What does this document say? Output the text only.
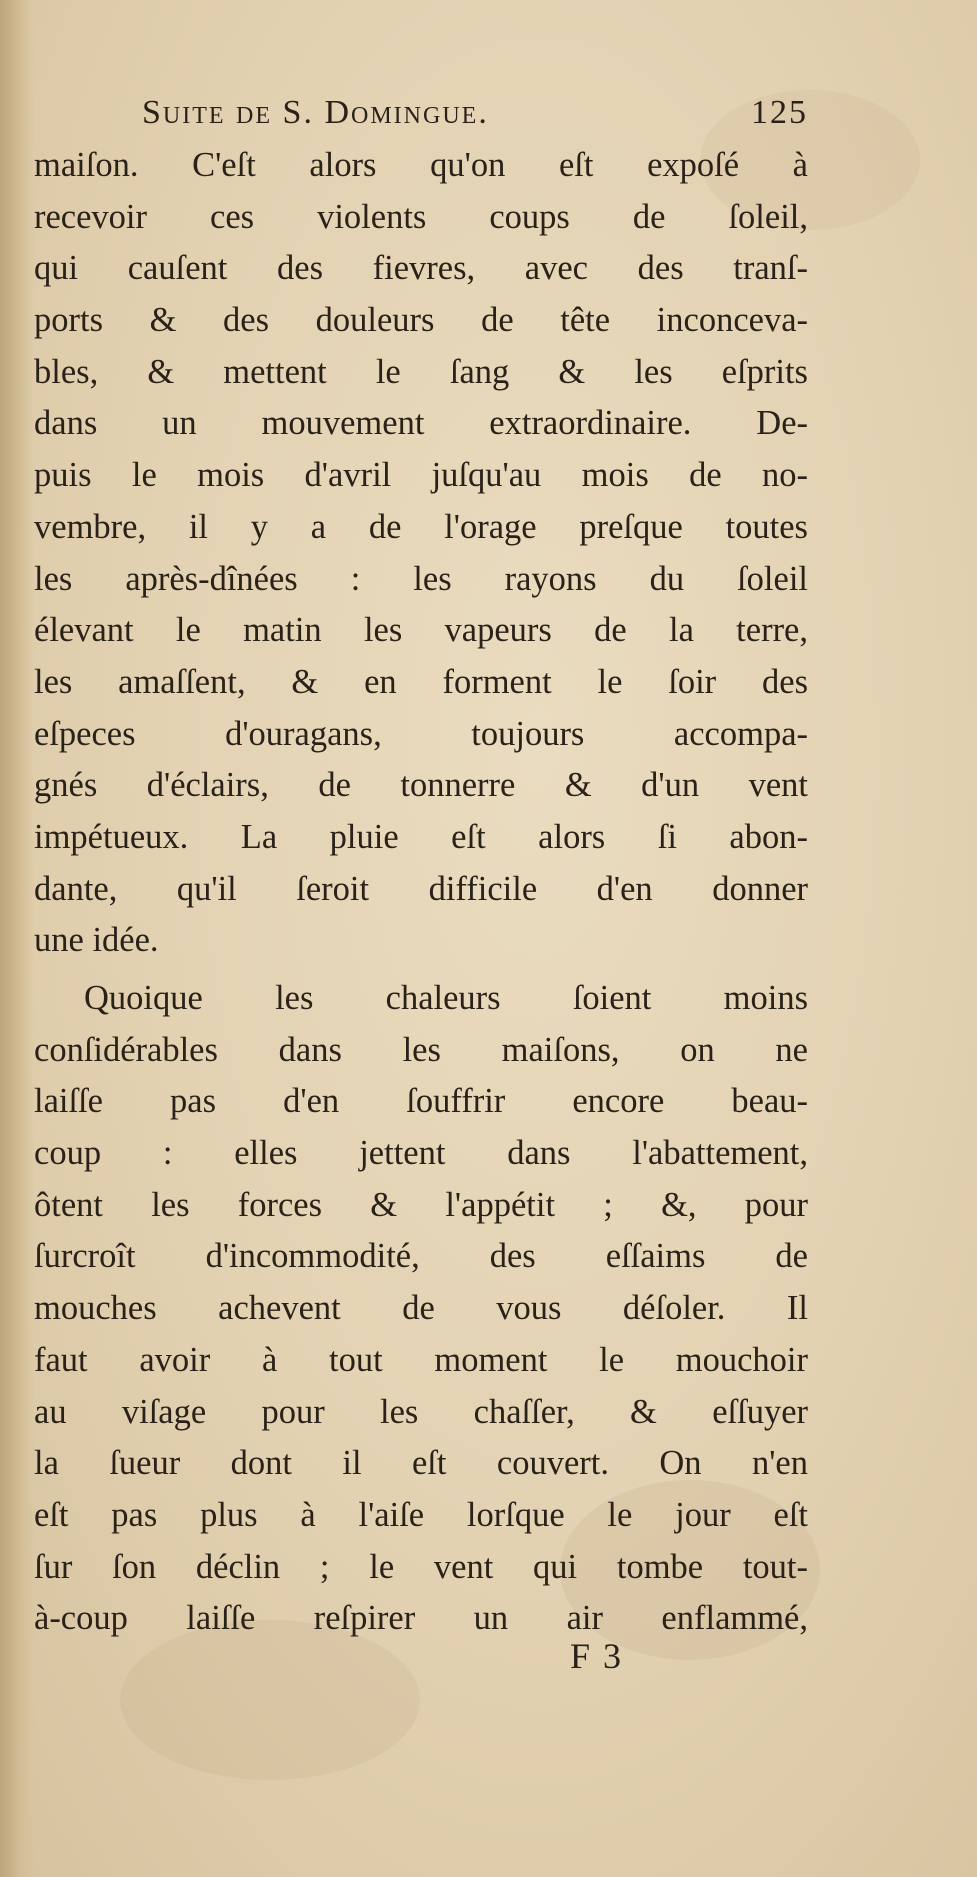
Suite de S. Domingue.	125
maiſon. C'eſt alors qu'on eſt expoſé à
recevoir ces violents coups de ſoleil,
qui cauſent des fievres, avec des tranſ-
ports & des douleurs de tête inconceva-
bles, & mettent le ſang & les eſprits
dans un mouvement extraordinaire. De-
puis le mois d'avril juſqu'au mois de no-
vembre, il y a de l'orage preſque toutes
les après-dînées : les rayons du ſoleil
élevant le matin les vapeurs de la terre,
les amaſſent, & en forment le ſoir des
eſpeces d'ouragans, toujours accompa-
gnés d'éclairs, de tonnerre & d'un vent
impétueux. La pluie eſt alors ſi abon-
dante, qu'il ſeroit difficile d'en donner
une idée.
Quoique les chaleurs ſoient moins
conſidérables dans les maiſons, on ne
laiſſe pas d'en ſouffrir encore beau-
coup : elles jettent dans l'abattement,
ôtent les forces & l'appétit ; &, pour
ſurcroît d'incommodité, des eſſaims de
mouches achevent de vous déſoler. Il
faut avoir à tout moment le mouchoir
au viſage pour les chaſſer, & eſſuyer
la ſueur dont il eſt couvert. On n'en
eſt pas plus à l'aiſe lorſque le jour eſt
ſur ſon déclin ; le vent qui tombe tout-
à-coup laiſſe reſpirer un air enflammé,
F 3
